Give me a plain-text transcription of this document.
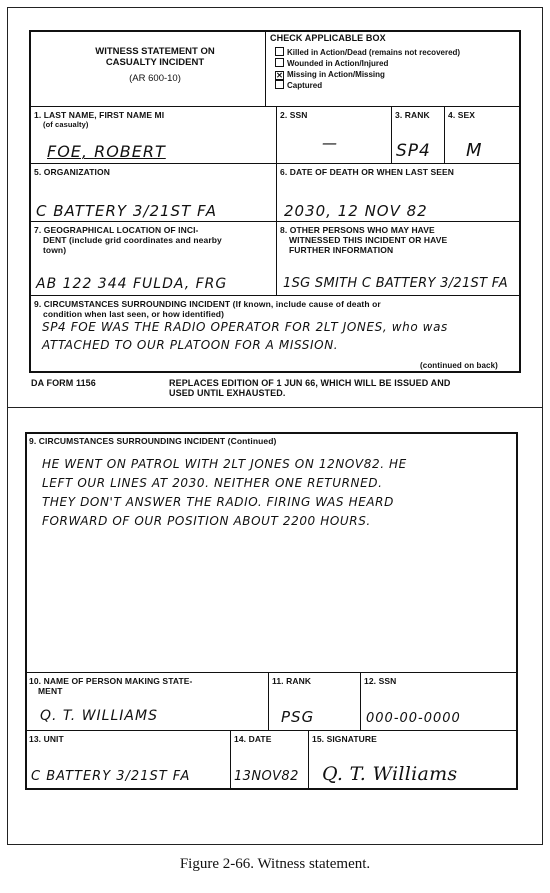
WITNESS STATEMENT ON
CASUALTY INCIDENT
(AR 600-10)
CHECK APPLICABLE BOX
Killed in Action/Dead (remains not recovered)
Wounded in Action/Injured
✕ Missing in Action/Missing
Captured
1. LAST NAME, FIRST NAME MI
(of casualty)
FOE, ROBERT
2. SSN
—
3. RANK
SP4
4. SEX
M
5. ORGANIZATION
C BATTERY 3/21ST FA
6. DATE OF DEATH OR WHEN LAST SEEN
2030, 12 NOV 82
7. GEOGRAPHICAL LOCATION OF INCI-
DENT (include grid coordinates and nearby
town)
AB 122 344 FULDA, FRG
8. OTHER PERSONS WHO MAY HAVE
WITNESSED THIS INCIDENT OR HAVE
FURTHER INFORMATION
1SG SMITH C BATTERY 3/21ST FA
9. CIRCUMSTANCES SURROUNDING INCIDENT (If known, include cause of death or
condition when last seen, or how identified)
SP4 FOE WAS THE RADIO OPERATOR FOR 2LT JONES, who was
ATTACHED TO OUR PLATOON FOR A MISSION.
(continued on back)
DA FORM 1156	REPLACES EDITION OF 1 JUN 66, WHICH WILL BE ISSUED AND
USED UNTIL EXHAUSTED.
9. CIRCUMSTANCES SURROUNDING INCIDENT (Continued)
HE WENT ON PATROL WITH 2LT JONES ON 12NOV82. HE
LEFT OUR LINES AT 2030. NEITHER ONE RETURNED.
THEY DON'T ANSWER THE RADIO. FIRING WAS HEARD
FORWARD OF OUR POSITION ABOUT 2200 HOURS.
10. NAME OF PERSON MAKING STATE-
MENT
Q. T. WILLIAMS
11. RANK
PSG
12. SSN
000-00-0000
13. UNIT
C BATTERY 3/21ST FA
14. DATE
13NOV82
15. SIGNATURE
Q. T. Williams
Figure 2-66. Witness statement.
